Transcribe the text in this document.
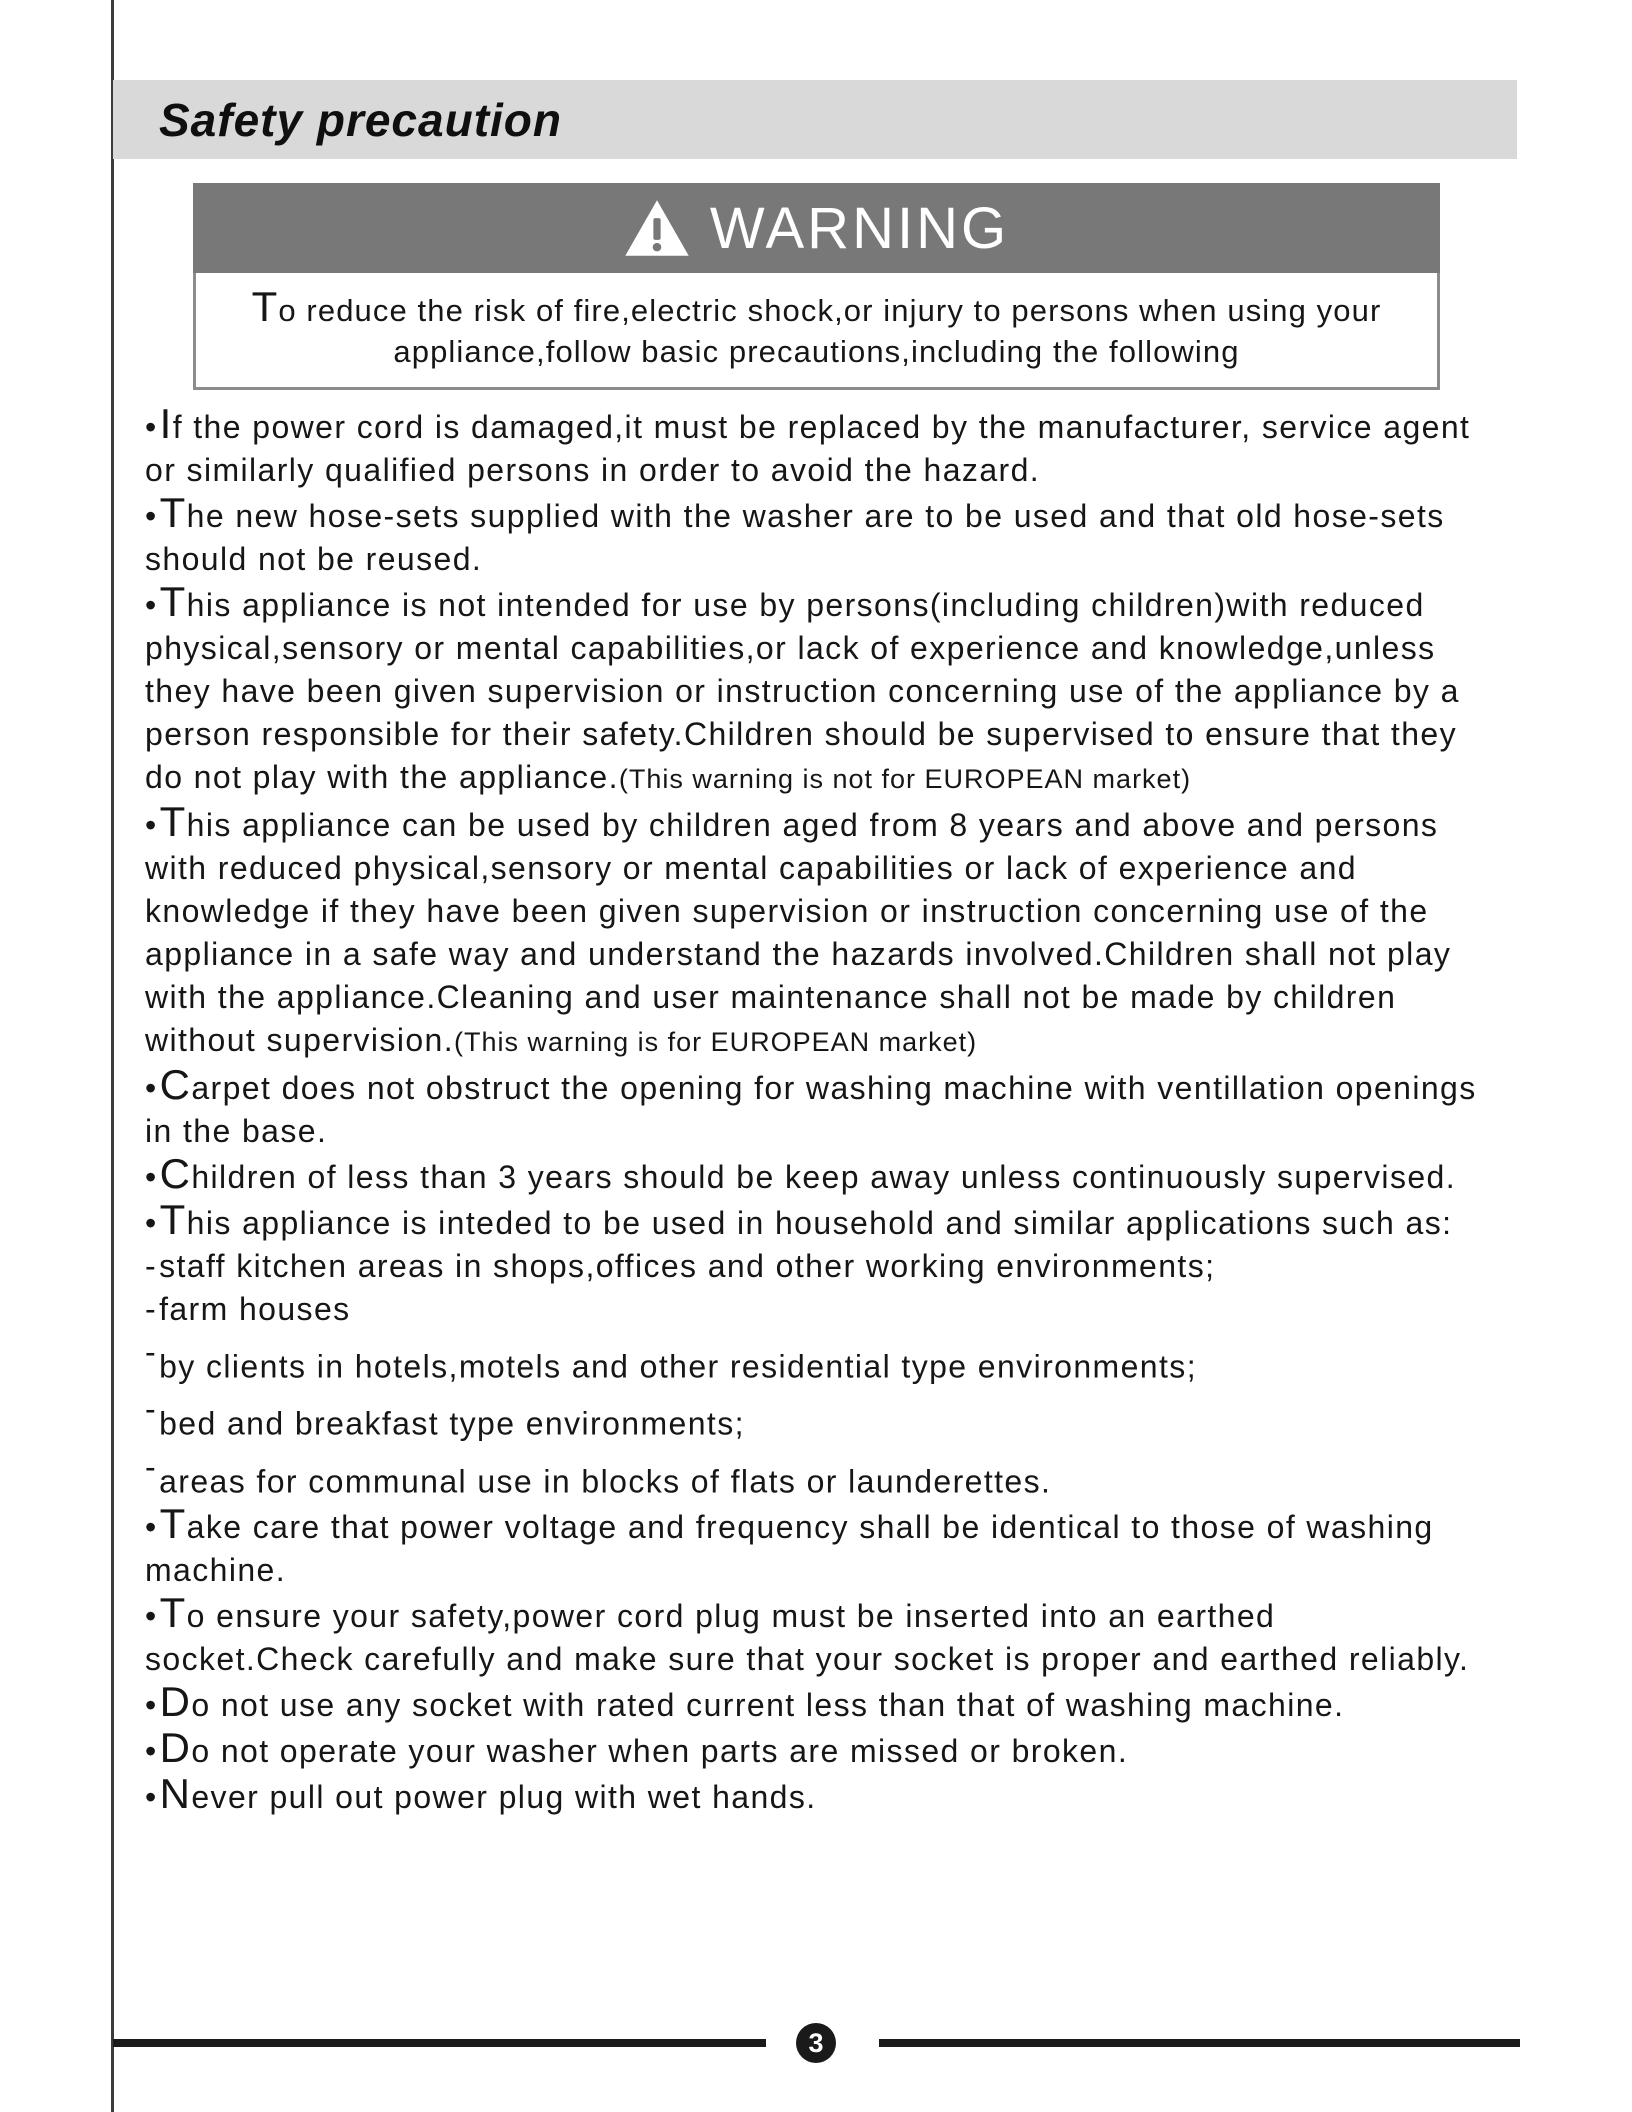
Safety precaution
WARNING

To reduce the risk of fire,electric shock,or injury to persons when using your appliance,follow basic precautions,including the following

•If the power cord is damaged,it must be replaced by the manufacturer, service agent or similarly qualified persons in order to avoid the hazard.

•The new hose-sets supplied with the washer are to be used and that old hose-sets should not be reused.

•This appliance is not intended for use by persons(including children)with reduced physical,sensory or mental capabilities,or lack of experience and knowledge,unless they have been given supervision or instruction concerning use of the appliance by a person responsible for their safety.Children should be supervised to ensure that they do not play with the appliance.(This warning is not for EUROPEAN market)

•This appliance can be used by children aged from 8 years and above and persons with reduced physical,sensory or mental capabilities or lack of experience and knowledge if they have been given supervision or instruction concerning use of the appliance in a safe way and understand the hazards involved.Children shall not play with the appliance.Cleaning and user maintenance shall not be made by children without supervision.(This warning is for EUROPEAN market)

•Carpet does not obstruct the opening for washing machine with ventillation openings in the base.

•Children of less than 3 years should be keep away unless continuously supervised.

•This appliance is inteded to be used in household and similar applications such as:

-staff kitchen areas in shops,offices and other working environments;

-farm houses

-by clients in hotels,motels and other residential type environments;

-bed and breakfast type environments;

-areas for communal use in blocks of flats or launderettes.

•Take care that power voltage and frequency shall be identical to those of washing machine.

•To ensure your safety,power cord plug must be inserted into an earthed socket.Check carefully and make sure that your socket is proper and earthed reliably.

•Do not use any socket with rated current less than that of washing machine.

•Do not operate your washer when parts are missed or broken.

•Never pull out power plug with wet hands.

3
